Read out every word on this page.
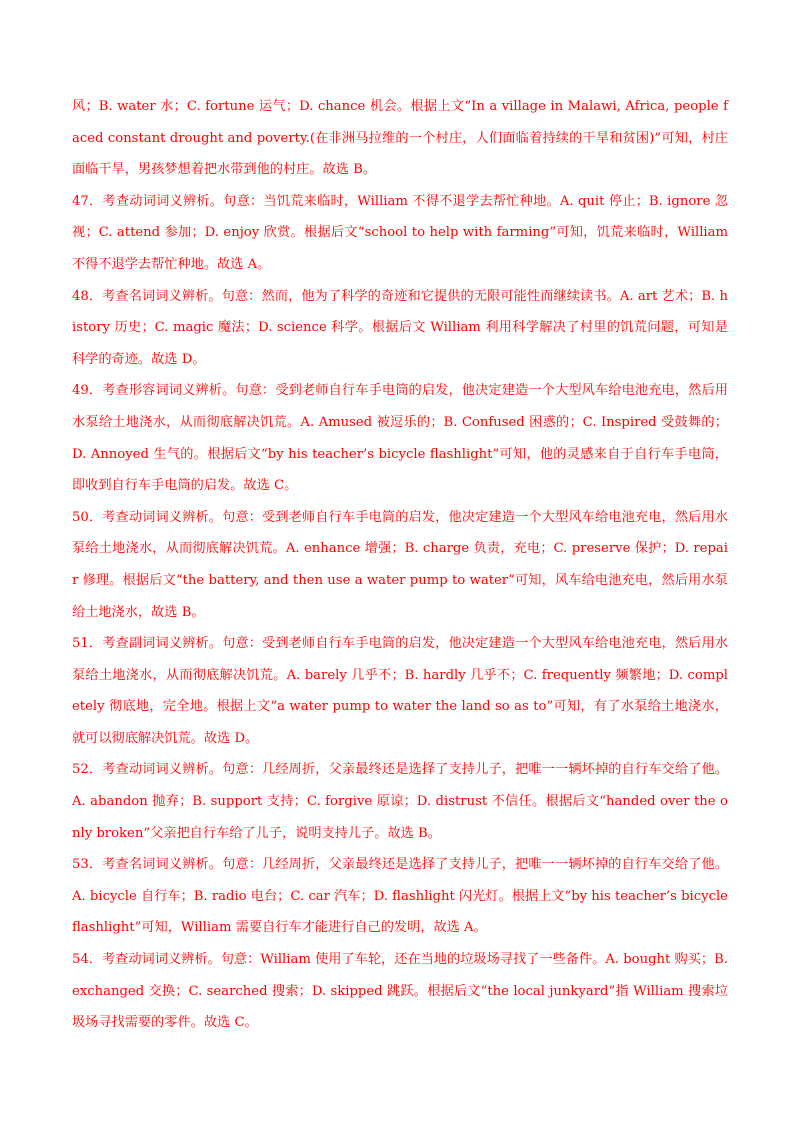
风；B. water 水；C. fortune 运气；D. chance 机会。根据上文“In a village in Malawi, Africa, people faced constant drought and poverty.(在非洲马拉维的一个村庄，人们面临着持续的干旱和贫困)”可知，村庄面临干旱，男孩梦想着把水带到他的村庄。故选 B。

47．考查动词词义辨析。句意：当饥荒来临时，William 不得不退学去帮忙种地。A. quit 停止；B. ignore 忽视；C. attend 参加；D. enjoy 欣赏。根据后文“school to help with farming”可知，饥荒来临时，William 不得不退学去帮忙种地。故选 A。

48．考查名词词义辨析。句意：然而，他为了科学的奇迹和它提供的无限可能性而继续读书。A. art 艺术；B. history 历史；C. magic 魔法；D. science 科学。根据后文 William 利用科学解决了村里的饥荒问题，可知是科学的奇迹。故选 D。

49．考查形容词词义辨析。句意：受到老师自行车手电筒的启发，他决定建造一个大型风车给电池充电，然后用水泵给土地浇水，从而彻底解决饥荒。A. Amused 被逗乐的；B. Confused 困惑的；C. Inspired 受鼓舞的；D. Annoyed 生气的。根据后文“by his teacher’s bicycle flashlight”可知，他的灵感来自于自行车手电筒，即收到自行车手电筒的启发。故选 C。

50．考查动词词义辨析。句意：受到老师自行车手电筒的启发，他决定建造一个大型风车给电池充电，然后用水泵给土地浇水，从而彻底解决饥荒。A. enhance 增强；B. charge 负责，充电；C. preserve 保护；D. repair 修理。根据后文“the battery, and then use a water pump to water”可知，风车给电池充电，然后用水泵给土地浇水，故选 B。

51．考查副词词义辨析。句意：受到老师自行车手电筒的启发，他决定建造一个大型风车给电池充电，然后用水泵给土地浇水，从而彻底解决饥荒。A. barely 几乎不；B. hardly 几乎不；C. frequently 频繁地；D. completely 彻底地，完全地。根据上文“a water pump to water the land so as to”可知，有了水泵给土地浇水，就可以彻底解决饥荒。故选 D。

52．考查动词词义辨析。句意：几经周折，父亲最终还是选择了支持儿子，把唯一一辆坏掉的自行车交给了他。A. abandon 抛弃；B. support 支持；C. forgive 原谅；D. distrust 不信任。根据后文“handed over the only broken”父亲把自行车给了儿子，说明支持儿子。故选 B。

53．考查名词词义辨析。句意：几经周折，父亲最终还是选择了支持儿子，把唯一一辆坏掉的自行车交给了他。A. bicycle 自行车；B. radio 电台；C. car 汽车；D. flashlight 闪光灯。根据上文“by his teacher’s bicycle flashlight”可知，William 需要自行车才能进行自己的发明，故选 A。

54．考查动词词义辨析。句意：William 使用了车轮，还在当地的垃圾场寻找了一些备件。A. bought 购买；B. exchanged 交换；C. searched 搜索；D. skipped 跳跃。根据后文“the local junkyard”指 William 搜索垃圾场寻找需要的零件。故选 C。
